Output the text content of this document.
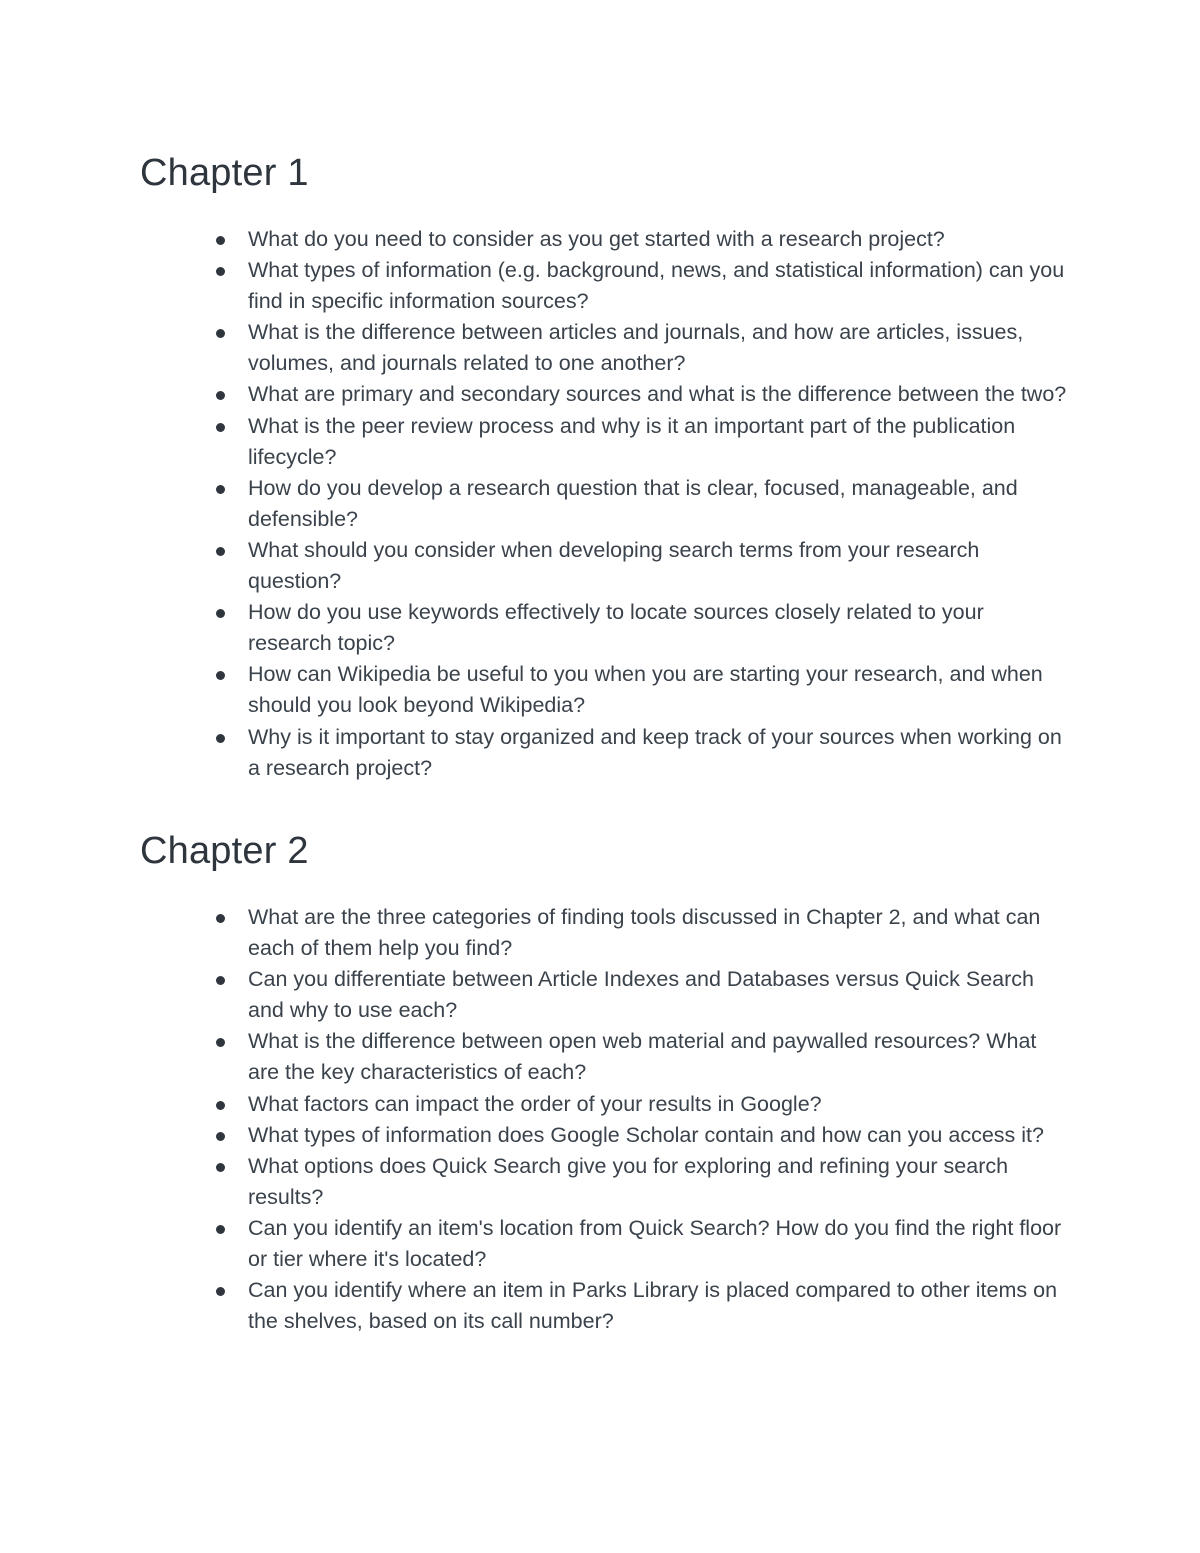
Chapter 1
What do you need to consider as you get started with a research project?
What types of information (e.g. background, news, and statistical information) can you find in specific information sources?
What is the difference between articles and journals, and how are articles, issues, volumes, and journals related to one another?
What are primary and secondary sources and what is the difference between the two?
What is the peer review process and why is it an important part of the publication lifecycle?
How do you develop a research question that is clear, focused, manageable, and defensible?
What should you consider when developing search terms from your research question?
How do you use keywords effectively to locate sources closely related to your research topic?
How can Wikipedia be useful to you when you are starting your research, and when should you look beyond Wikipedia?
Why is it important to stay organized and keep track of your sources when working on a research project?
Chapter 2
What are the three categories of finding tools discussed in Chapter 2, and what can each of them help you find?
Can you differentiate between Article Indexes and Databases versus Quick Search and why to use each?
What is the difference between open web material and paywalled resources? What are the key characteristics of each?
What factors can impact the order of your results in Google?
What types of information does Google Scholar contain and how can you access it?
What options does Quick Search give you for exploring and refining your search results?
Can you identify an item's location from Quick Search? How do you find the right floor or tier where it's located?
Can you identify where an item in Parks Library is placed compared to other items on the shelves, based on its call number?
